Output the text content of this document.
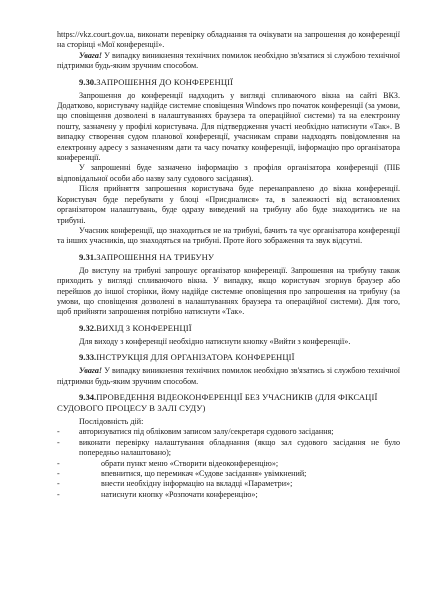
https://vkz.court.gov.ua, виконати перевірку обладнання та очікувати на запрошення до конференції на сторінці «Мої конференції».

Увага! У випадку виникнення технічних помилок необхідно зв'язатися зі службою технічної підтримки будь-яким зручним способом.

9.30.ЗАПРОШЕННЯ ДО КОНФЕРЕНЦІЇ

Запрошення до конференції надходить у вигляді спливаючого вікна на сайті ВКЗ. Додатково, користувачу надійде системне сповіщення Windows про початок конференції (за умови, що сповіщення дозволені в налаштуваннях браузера та операційної системи) та на електронну пошту, зазначену у профілі користувача. Для підтвердження участі необхідно натиснути «Так». В випадку створення судом планової конференції, учасникам справи надходять повідомлення на електронну адресу з зазначенням дати та часу початку конференції, інформацію про організатора конференції.

У запрошенні буде зазначено інформацію з профіля організатора конференції (ПІБ відповідальної особи або назву залу судового засідання).

Після прийняття запрошення користувача буде перенаправлено до вікна конференції. Користувач буде перебувати у блоці «Присдналися» та, в залежності від встановлених організатором налаштувань, буде одразу виведений на трибуну або буде знаходитись не на трибуні.

Учасник конференції, що знаходиться не на трибуні, бачить та чує організатора конференції та інших учасників, що знаходяться на трибуні. Проте його зображення та звук відсутні.

9.31.ЗАПРОШЕННЯ НА ТРИБУНУ

До виступу на трибуні запрошує організатор конференції. Запрошення на трибуну також приходить у вигляді спливаючого вікна. У випадку, якщо користувач згорнув браузер або перейшов до іншої сторінки, йому надійде системне оповіщення про запрошення на трибуну (за умови, що сповіщення дозволені в налаштуваннях браузера та операційної системи). Для того, щоб прийняти запрошення потрібно натиснути «Так».

9.32.ВИХІД З КОНФЕРЕНЦІЇ

Для виходу з конференції необхідно натиснути кнопку «Вийти з конференції».

9.33.ІНСТРУКЦІЯ ДЛЯ ОРГАНІЗАТОРА КОНФЕРЕНЦІЇ

Увага! У випадку виникнення технічних помилок необхідно зв'язатись зі службою технічної підтримки будь-яким зручним способом.

9.34.ПРОВЕДЕННЯ ВІДЕОКОНФЕРЕНЦІЇ БЕЗ УЧАСНИКІВ (ДЛЯ ФІКСАЦІЇ СУДОВОГО ПРОЦЕСУ В ЗАЛІ СУДУ)

Послідовність дій:

-	авторизуватися під обліковим записом залу/секретаря судового засідання;
-	виконати перевірку налаштування обладнання (якщо зал судового засідання не було попередньо налаштовано);
-	обрати пункт меню «Створити відеоконференцію»;
-	впевнитися, що перемикач «Судове засідання» увімкнений;
-	внести необхідну інформацію на вкладці «Параметри»;
-	натиснути кнопку «Розпочати конференцію»;
